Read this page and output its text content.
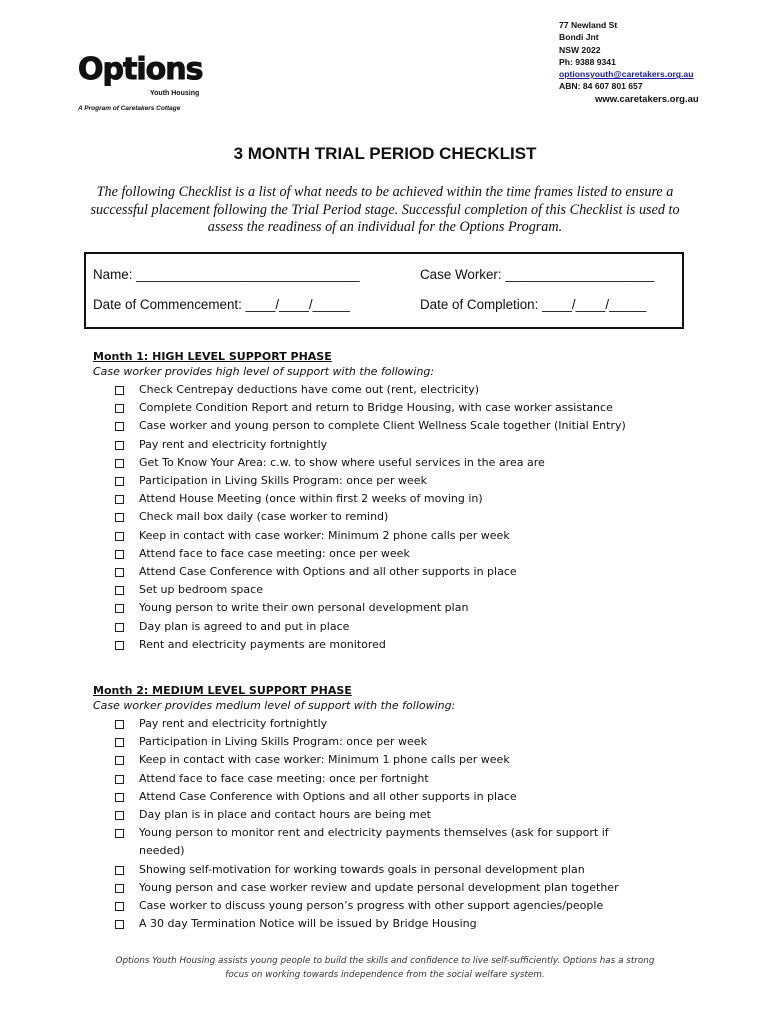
Options
Youth Housing
A Program of Caretakers Cottage
77 Newland St
Bondi Jnt
NSW 2022
Ph: 9388 9341
optionsyouth@caretakers.org.au
ABN: 84 607 801 657
www.caretakers.org.au
3 MONTH TRIAL PERIOD CHECKLIST

The following Checklist is a list of what needs to be achieved within the time frames listed to ensure a successful placement following the Trial Period stage. Successful completion of this Checklist is used to assess the readiness of an individual for the Options Program.

Name: ______________________________	Case Worker: ____________________
Date of Commencement: ____/____/_____	Date of Completion: ____/____/_____
Month 1: HIGH LEVEL SUPPORT PHASE
Case worker provides high level of support with the following:
Check Centrepay deductions have come out (rent, electricity)
Complete Condition Report and return to Bridge Housing, with case worker assistance
Case worker and young person to complete Client Wellness Scale together (Initial Entry)
Pay rent and electricity fortnightly
Get To Know Your Area: c.w. to show where useful services in the area are
Participation in Living Skills Program: once per week
Attend House Meeting (once within first 2 weeks of moving in)
Check mail box daily (case worker to remind)
Keep in contact with case worker: Minimum 2 phone calls per week
Attend face to face case meeting: once per week
Attend Case Conference with Options and all other supports in place
Set up bedroom space
Young person to write their own personal development plan
Day plan is agreed to and put in place
Rent and electricity payments are monitored
Month 2: MEDIUM LEVEL SUPPORT PHASE
Case worker provides medium level of support with the following:
Pay rent and electricity fortnightly
Participation in Living Skills Program: once per week
Keep in contact with case worker: Minimum 1 phone calls per week
Attend face to face case meeting: once per fortnight
Attend Case Conference with Options and all other supports in place
Day plan is in place and contact hours are being met
Young person to monitor rent and electricity payments themselves (ask for support if
needed)
Showing self-motivation for working towards goals in personal development plan
Young person and case worker review and update personal development plan together
Case worker to discuss young person’s progress with other support agencies/people
A 30 day Termination Notice will be issued by Bridge Housing
Options Youth Housing assists young people to build the skills and confidence to live self-sufficiently. Options has a strong
focus on working towards independence from the social welfare system.
